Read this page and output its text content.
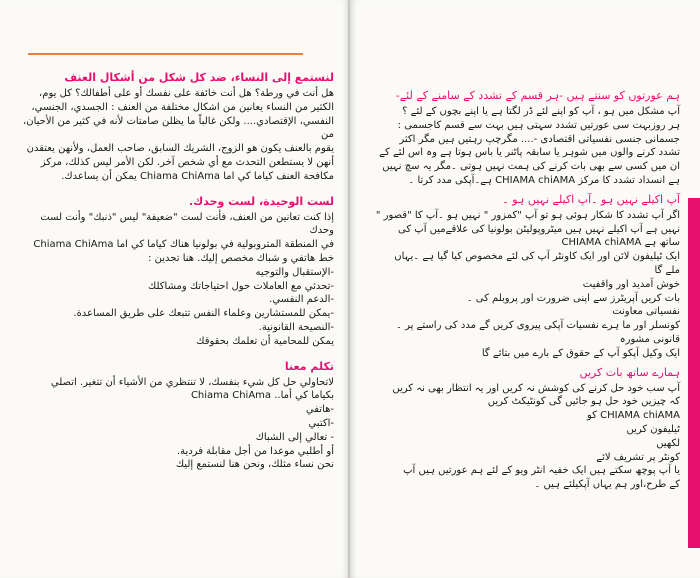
لنستمع إلى النساء، ضد كل شكل من أشكال العنف

هل أنت في ورطة؟ هل أنت خائفة على نفسك أو على أطفالك؟ كل يوم،

الكثير من النساء يعانين من اشكال مختلفة من العنف : الجسدي، الجنسي،

النفسي، الإقتصادي.... ولكن غالباً ما يظلن صامتات لأنه في كثير من الأحيان، من

يقوم بالعنف يكون هو الزوج، الشريك السابق، صاحب العمل، ولأنهن يعتقدن

أنهن لا يستطعن التحدث مع أي شخص آخر. لكن الأمر ليس كذلك، مركز

مكافحة العنف كياما كي اما Chiama ChiAma يمكن أن يساعدك.

لست الوحيدة، لست وحدك.

إذا كنت تعانين من العنف، فأنت لست "ضعيفة" ليس "ذنبك" وأنت لست

وحدك

في المنطقة المتروبولية في بولونيا هناك كياما كي اما Chiama ChiAma

خط هاتفي و شباك مخصص إليك. هنا تجدين :

-الإستقبال والتوجيه

-تحدثي مع العاملات حول احتياجاتك ومشاكلك

-الدعم النفسي.

-يمكن للمستشارين وعلماء النفس تتبعك على طريق المساعدة.

-النصيحة القانونية.

يمكن للمحامية أن تعلمك بحقوقك

تكلم معنا

لاتحاولي حل كل شيء بنفسك، لا تنتظري من الأشياء أن تتغير. اتصلي

بكياما كي أما.. Chiama ChiAma

-هاتفي

-اكتبي

- تعالي إلى الشباك

أو أطلبي موعدا من أجل مقابلة فردية.

نحن نساء مثلك، ونحن هنا لنستمع إليك

ہم عورتوں کو سنتے ہیں -ہر قسم کے تشدد کے سامنے کے لئے-

آپ مشکل میں ہو ، آپ کو اپنے لئے ڈر لگتا ہے یا اپنے بچوں کے لئے ؟

ہر روزبہت سی عورتیں تشدد سہتی ہیں بہت سے قسم کاجسمی :

جسمانی جنسی نفسیاتی اقتصادی -.... مگرچپ رہتیں ہیں مگر اکثر

تشدد کرنے والوں میں شوہر یا سابقہ پاٹنر یا باس ہوتا ہے وہ اس لئے کے

ان میں کسی سے بھی بات کرنے کی ہمت نہیں ہوتی ۔مگر یہ سچ نہیں

ہے انسداد تشدد کا مرکز CHIAMA chiAMA ہے۔آپکی مدد کرتا ۔

آپ اکیلے نہیں ہو ۔آپ اکیلے نہیں ہو ۔

اگر آپ تشدد کا شکار ہوئی ہو تو آپ "کمزور " نہیں ہو ۔آپ کا "قصور "

نہیں ہے آپ اکیلے نہیں ہیں میٹروپولیٹن بولونیا کی علاقےمیں آپ کی

ساتھ ہے CHIAMA chiAMA

ایک ٹیلیفون لائن اور ایک کاونٹر آپ کی لئے مخصوص کیا گیا ہے ۔یہاں

ملے گا

خوش آمدید اور واقفیت

بات کریں آپریٹرز سے اپنی ضرورت اور پروبلم کی ۔

نفسیاتی معاونت

کونسلر اور ما ہرے نفسیات آپکی پیروی کریں گے مدد کی راستے پر ۔

قانونی مشورہ

ایک وکیل آپکو آپ کے حقوق کے بارے میں بتائے گا

ہمارے ساتھ بات کریں

آپ سب خود حل کرنے کی کوشش نہ کریں اور یہ انتظار بھی نہ کریں

کہ چیزیں خود حل ہو جائیں گی کونٹیکٹ کریں

CHIAMA chiAMA کو

ٹیلیفون کریں

لکھیں

کونٹر پر تشریف لائے

یا آپ پوچھ سکتے ہیں ایک خفیہ انٹر ویو کے لئے ہم عورتیں ہیں آپ

کے طرح،اور ہم یہاں آپکیلئے ہیں ۔
